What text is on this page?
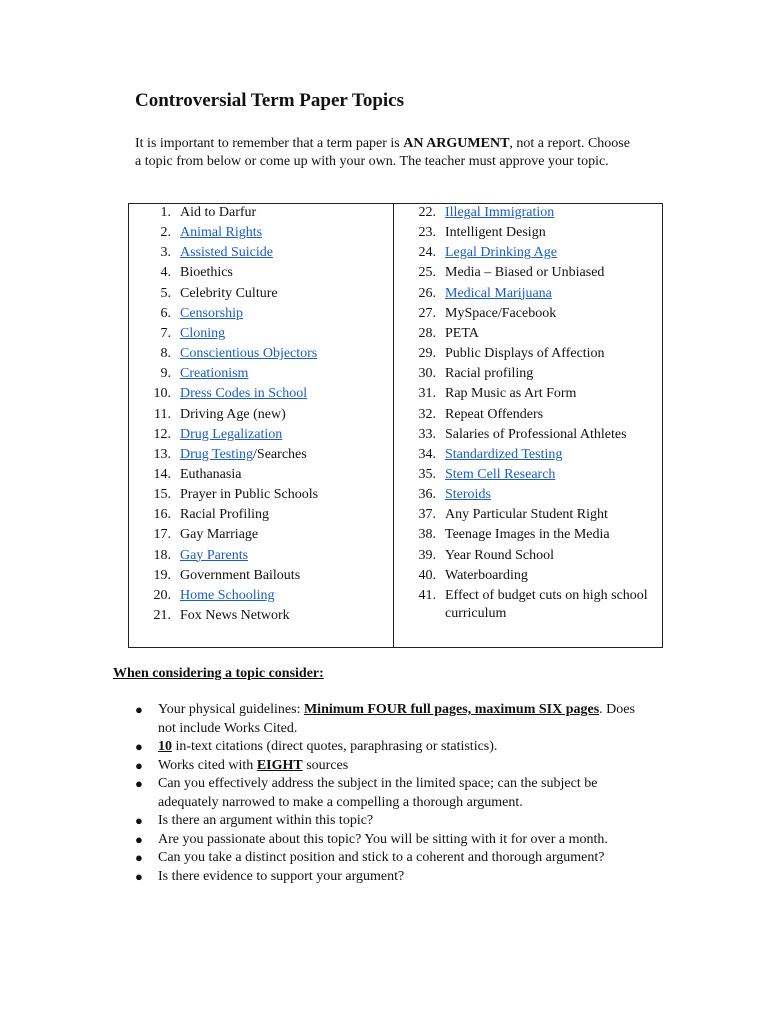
Controversial Term Paper Topics

It is important to remember that a term paper is AN ARGUMENT, not a report. Choose a topic from below or come up with your own. The teacher must approve your topic.

1. Aid to Darfur
2. Animal Rights
3. Assisted Suicide
4. Bioethics
5. Celebrity Culture
6. Censorship
7. Cloning
8. Conscientious Objectors
9. Creationism
10. Dress Codes in School
11. Driving Age (new)
12. Drug Legalization
13. Drug Testing/Searches
14. Euthanasia
15. Prayer in Public Schools
16. Racial Profiling
17. Gay Marriage
18. Gay Parents
19. Government Bailouts
20. Home Schooling
21. Fox News Network
22. Illegal Immigration
23. Intelligent Design
24. Legal Drinking Age
25. Media – Biased or Unbiased
26. Medical Marijuana
27. MySpace/Facebook
28. PETA
29. Public Displays of Affection
30. Racial profiling
31. Rap Music as Art Form
32. Repeat Offenders
33. Salaries of Professional Athletes
34. Standardized Testing
35. Stem Cell Research
36. Steroids
37. Any Particular Student Right
38. Teenage Images in the Media
39. Year Round School
40. Waterboarding
41. Effect of budget cuts on high school curriculum

When considering a topic consider:

● Your physical guidelines: Minimum FOUR full pages, maximum SIX pages. Does not include Works Cited.
● 10 in-text citations (direct quotes, paraphrasing or statistics).
● Works cited with EIGHT sources
● Can you effectively address the subject in the limited space; can the subject be adequately narrowed to make a compelling a thorough argument.
● Is there an argument within this topic?
● Are you passionate about this topic? You will be sitting with it for over a month.
● Can you take a distinct position and stick to a coherent and thorough argument?
● Is there evidence to support your argument?
